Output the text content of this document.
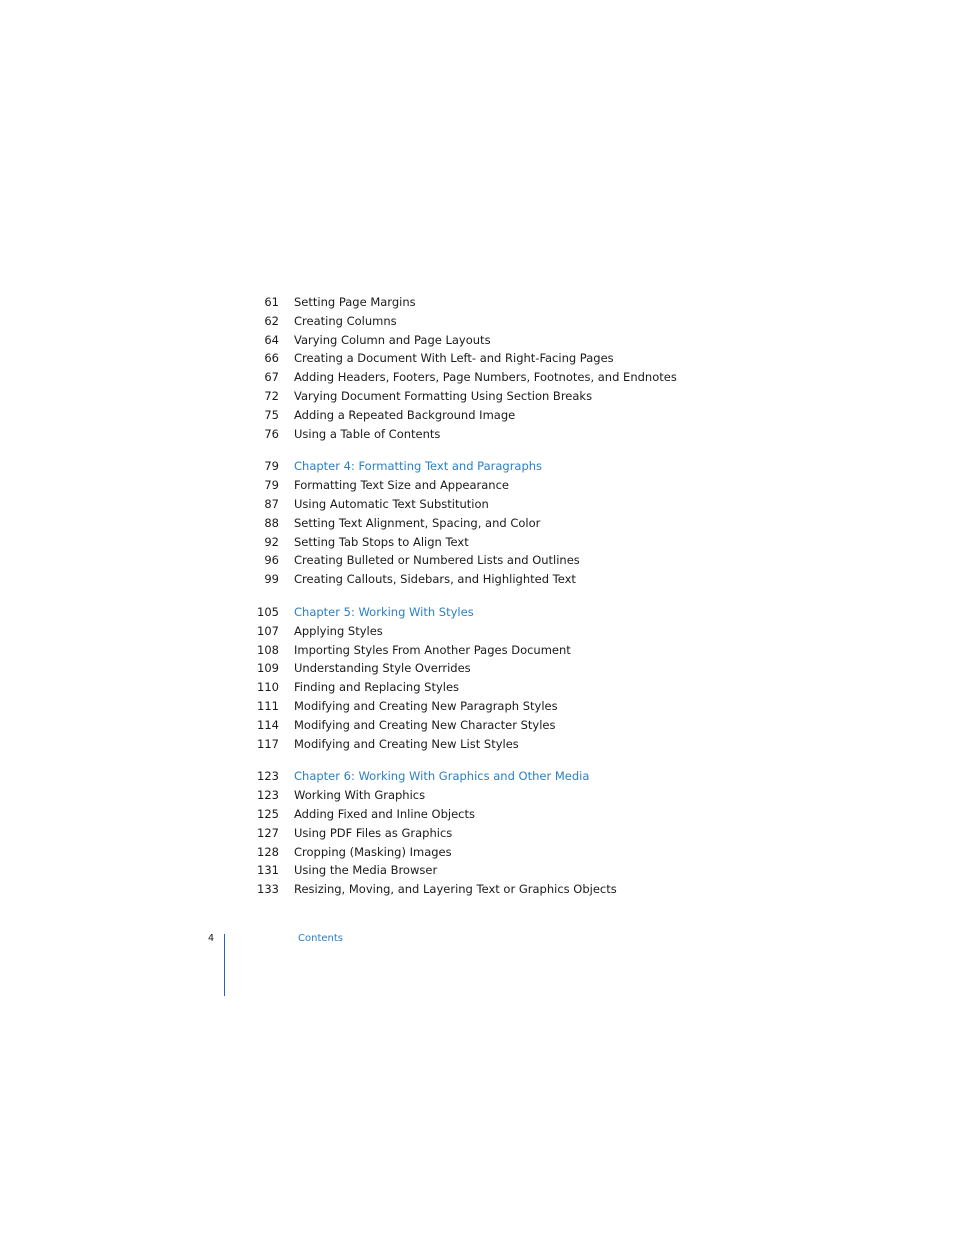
61 Setting Page Margins
62 Creating Columns
64 Varying Column and Page Layouts
66 Creating a Document With Left- and Right-Facing Pages
67 Adding Headers, Footers, Page Numbers, Footnotes, and Endnotes
72 Varying Document Formatting Using Section Breaks
75 Adding a Repeated Background Image
76 Using a Table of Contents
79 Chapter 4: Formatting Text and Paragraphs
79 Formatting Text Size and Appearance
87 Using Automatic Text Substitution
88 Setting Text Alignment, Spacing, and Color
92 Setting Tab Stops to Align Text
96 Creating Bulleted or Numbered Lists and Outlines
99 Creating Callouts, Sidebars, and Highlighted Text
105 Chapter 5: Working With Styles
107 Applying Styles
108 Importing Styles From Another Pages Document
109 Understanding Style Overrides
110 Finding and Replacing Styles
111 Modifying and Creating New Paragraph Styles
114 Modifying and Creating New Character Styles
117 Modifying and Creating New List Styles
123 Chapter 6: Working With Graphics and Other Media
123 Working With Graphics
125 Adding Fixed and Inline Objects
127 Using PDF Files as Graphics
128 Cropping (Masking) Images
131 Using the Media Browser
133 Resizing, Moving, and Layering Text or Graphics Objects
4	Contents
